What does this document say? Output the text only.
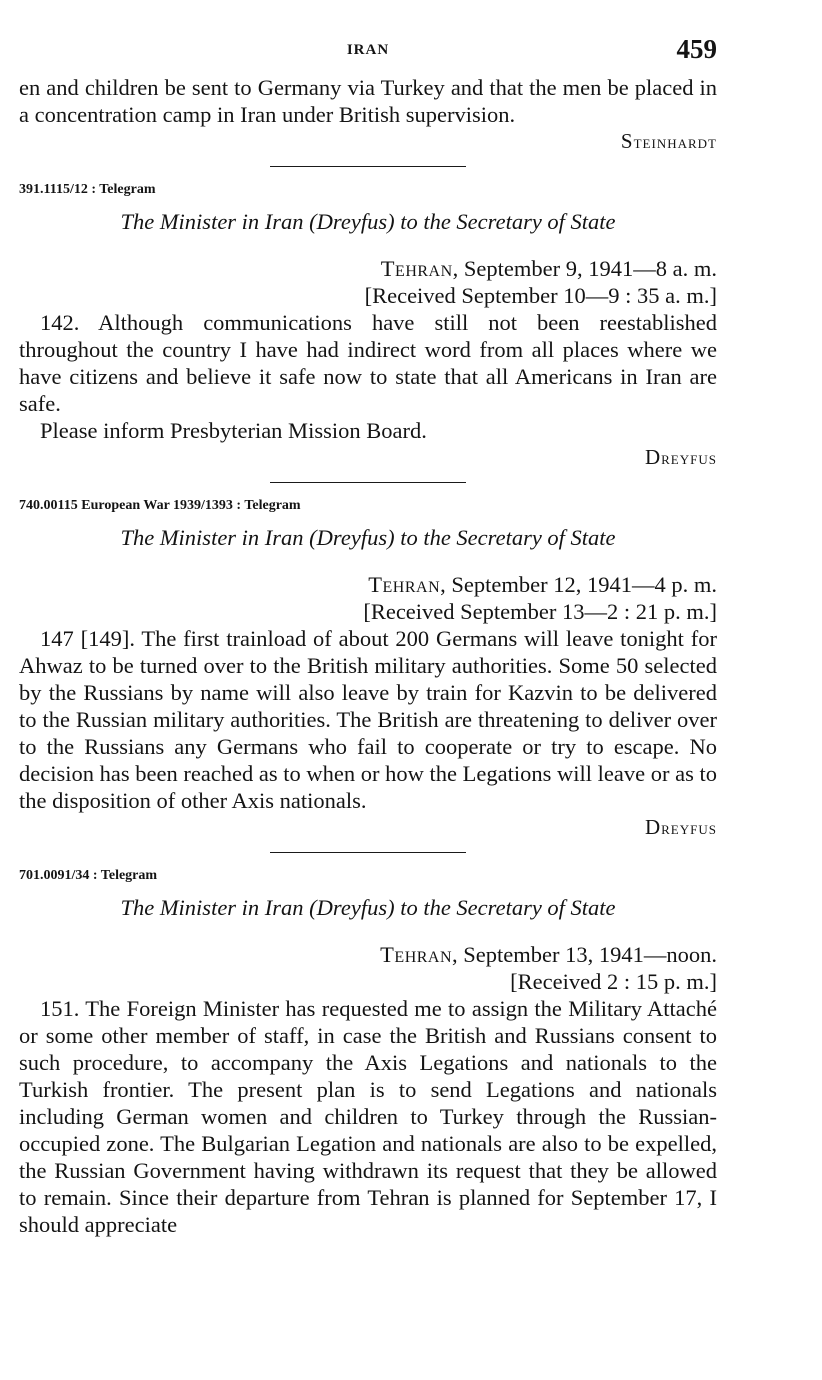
IRAN	459

en and children be sent to Germany via Turkey and that the men be placed in a concentration camp in Iran under British supervision.

Steinhardt
391.1115/12 : Telegram
The Minister in Iran (Dreyfus) to the Secretary of State
Tehran, September 9, 1941—8 a. m.
[Received September 10—9 : 35 a. m.]

142. Although communications have still not been reestablished throughout the country I have had indirect word from all places where we have citizens and believe it safe now to state that all Americans in Iran are safe.

Please inform Presbyterian Mission Board.

Dreyfus
740.00115 European War 1939/1393 : Telegram
The Minister in Iran (Dreyfus) to the Secretary of State
Tehran, September 12, 1941—4 p. m.
[Received September 13—2 : 21 p. m.]

147 [149]. The first trainload of about 200 Germans will leave tonight for Ahwaz to be turned over to the British military authorities. Some 50 selected by the Russians by name will also leave by train for Kazvin to be delivered to the Russian military authorities. The British are threatening to deliver over to the Russians any Germans who fail to cooperate or try to escape. No decision has been reached as to when or how the Legations will leave or as to the disposition of other Axis nationals.

Dreyfus
701.0091/34 : Telegram
The Minister in Iran (Dreyfus) to the Secretary of State
Tehran, September 13, 1941—noon.
[Received 2 : 15 p. m.]

151. The Foreign Minister has requested me to assign the Military Attaché or some other member of staff, in case the British and Russians consent to such procedure, to accompany the Axis Legations and nationals to the Turkish frontier. The present plan is to send Legations and nationals including German women and children to Turkey through the Russian-occupied zone. The Bulgarian Legation and nationals are also to be expelled, the Russian Government having withdrawn its request that they be allowed to remain. Since their departure from Tehran is planned for September 17, I should appreciate
